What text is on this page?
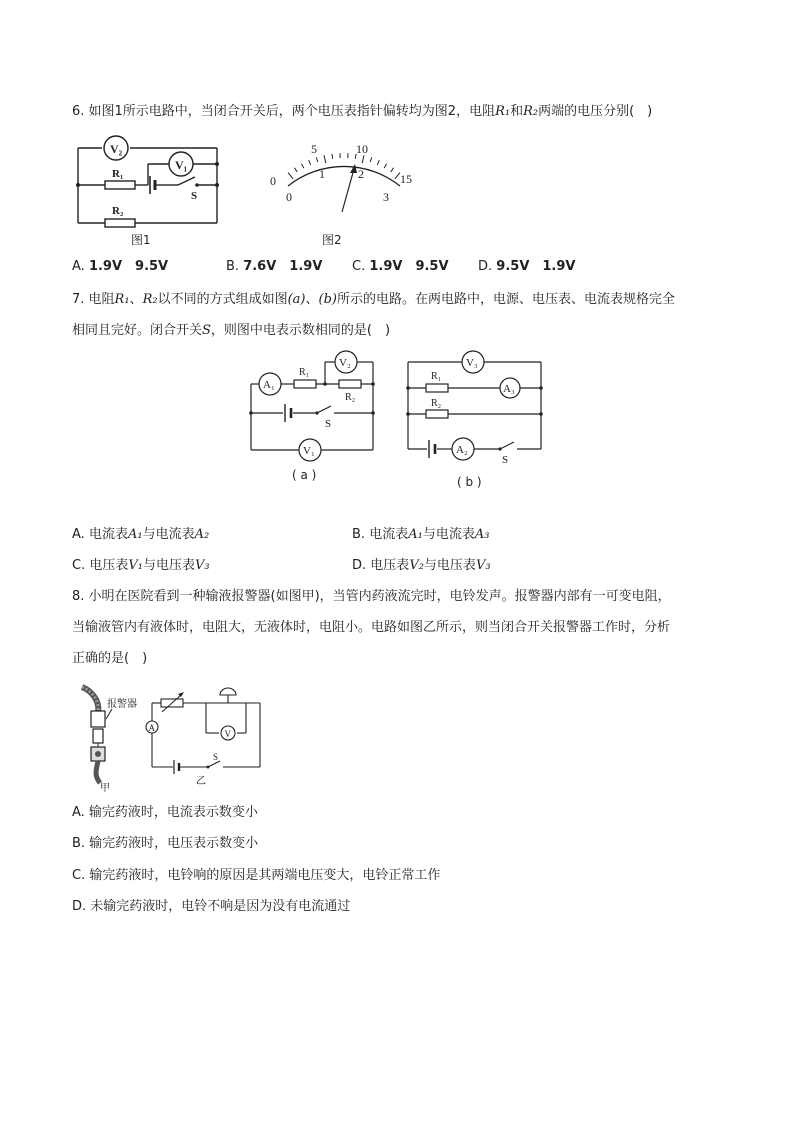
6. 如图1所示电路中，当闭合开关后，两个电压表指针偏转均为图2，电阻R₁和R₂两端的电压分别(　)
V₂
V₁
R₁
S
R₂
图1
0
5	10
15
0
1	2
3
图2
A. 1.9V　9.5V	B. 7.6V　1.9V C. 1.9V　9.5V D. 9.5V　1.9V
7. 电阻R₁、R₂以不同的方式组成如图(a)、(b)所示的电路。在两电路中，电源、电压表、电流表规格完全
相同且完好。闭合开关S，则图中电表示数相同的是(　)
A₁
R₁
R₂
V₂
S
V₁
( a )
V₃
R₁
A₃
R₂
A₂
S
( b )
A. 电流表A₁与电流表A₂	B. 电流表A₁与电流表A₃
C. 电压表V₁与电压表V₃	D. 电压表V₂与电压表V₃
8. 小明在医院看到一种输液报警器(如图甲)，当管内药液流完时，电铃发声。报警器内部有一可变电阻，
当输液管内有液体时，电阻大，无液体时，电阻小。电路如图乙所示，则当闭合开关报警器工作时，分析
正确的是(　)
报警器
甲
A
V
S
乙
A. 输完药液时，电流表示数变小
B. 输完药液时，电压表示数变小
C. 输完药液时，电铃响的原因是其两端电压变大，电铃正常工作
D. 未输完药液时，电铃不响是因为没有电流通过
